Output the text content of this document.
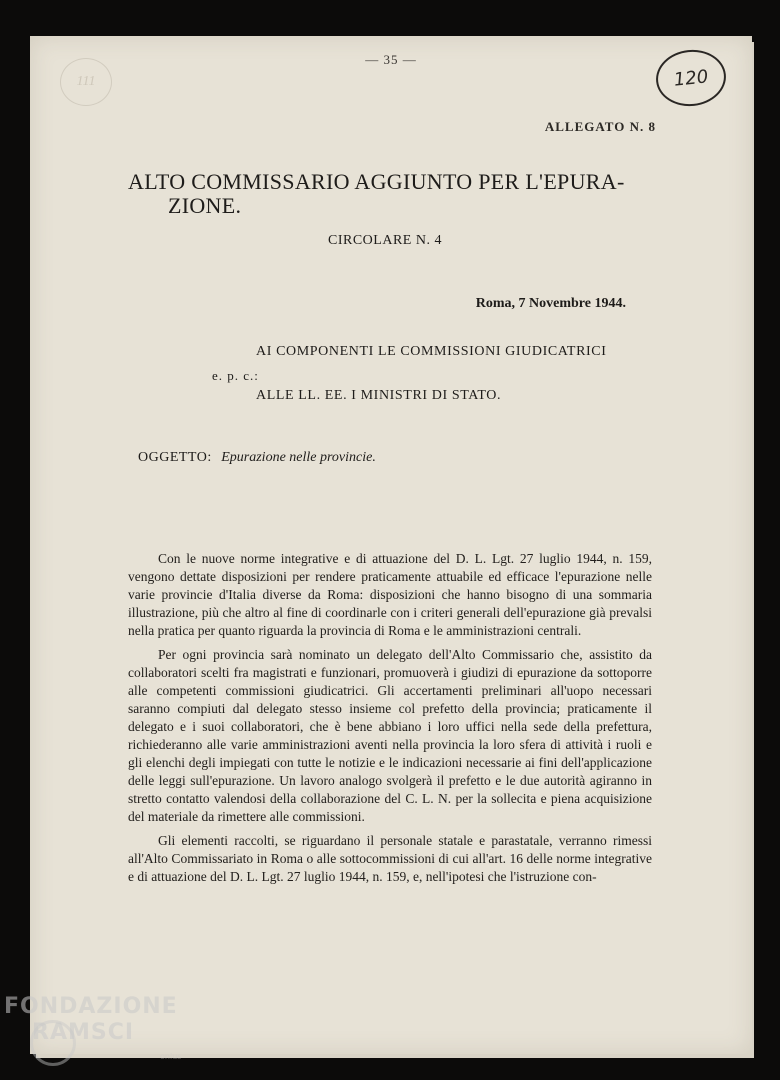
— 35 —
111	120
ALLEGATO N. 8
ALTO COMMISSARIO AGGIUNTO PER L'EPURA-
ZIONE.
CIRCOLARE N. 4
Roma, 7 Novembre 1944.
AI COMPONENTI LE COMMISSIONI GIUDICATRICI
e. p. c.:
ALLE LL. EE. I MINISTRI DI STATO.
OGGETTO: Epurazione nelle provincie.

Con le nuove norme integrative e di attuazione del D. L. Lgt. 27 luglio 1944, n. 159, vengono dettate disposizioni per rendere praticamente attuabile ed efficace l'epurazione nelle varie provincie d'Italia diverse da Roma: disposizioni che hanno bisogno di una sommaria illustrazione, più che altro al fine di coordinarle con i criteri generali dell'epurazione già prevalsi nella pratica per quanto riguarda la provincia di Roma e le amministrazioni centrali.

Per ogni provincia sarà nominato un delegato dell'Alto Commissario che, assistito da collaboratori scelti fra magistrati e funzionari, promuoverà i giudizi di epurazione da sottoporre alle competenti commissioni giudicatrici. Gli accertamenti preliminari all'uopo necessari saranno compiuti dal delegato stesso insieme col prefetto della provincia; praticamente il delegato e i suoi collaboratori, che è bene abbiano i loro uffici nella sede della prefettura, richiederanno alle varie amministrazioni aventi nella provincia la loro sfera di attività i ruoli e gli elenchi degli impiegati con tutte le notizie e le indicazioni necessarie ai fini dell'applicazione delle leggi sull'epurazione. Un lavoro analogo svolgerà il prefetto e le due autorità agiranno in stretto contatto valendosi della collaborazione del C. L. N. per la sollecita e piena acquisizione del materiale da rimettere alle commissioni.

Gli elementi raccolti, se riguardano il personale statale e parastatale, verranno rimessi all'Alto Commissariato in Roma o alle sottocommissioni di cui all'art. 16 delle norme integrative e di attuazione del D. L. Lgt. 27 luglio 1944, n. 159, e, nell'ipotesi che l'istruzione con-

FONDAZIONE
RAMSCI
onlus
